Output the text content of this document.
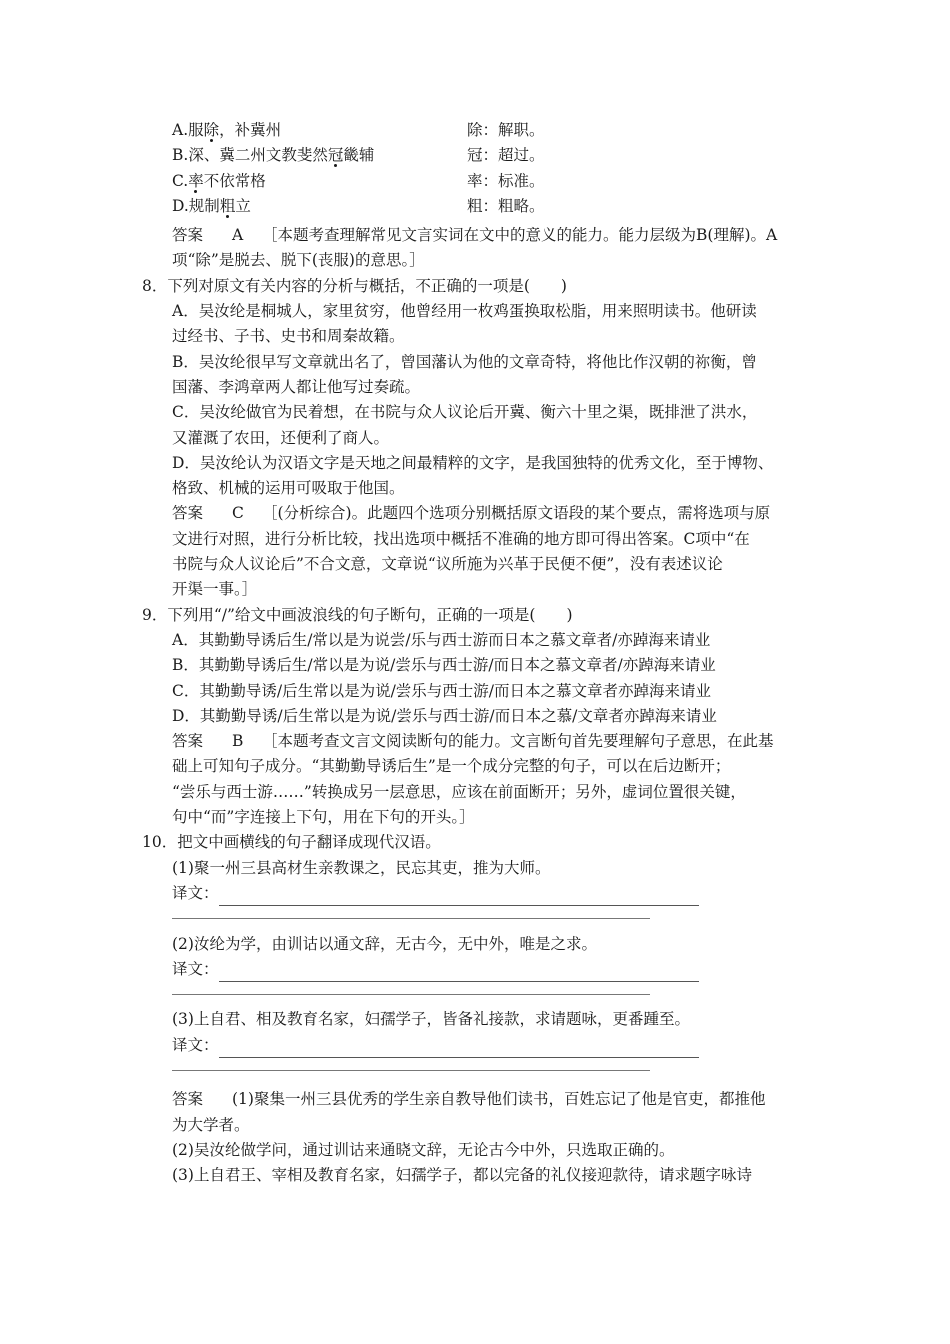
A.服除，补冀州	除：解职。
B.深、冀二州文教斐然冠畿辅	冠：超过。
C.率不依常格	率：标准。
D.规制粗立	粗：粗略。
答案 A ［本题考查理解常见文言实词在文中的意义的能力。能力层级为B(理解)。A
项“除”是脱去、脱下(丧服)的意思。］
8．下列对原文有关内容的分析与概括，不正确的一项是(　　)
A．吴汝纶是桐城人，家里贫穷，他曾经用一枚鸡蛋换取松脂，用来照明读书。他研读
过经书、子书、史书和周秦故籍。
B．吴汝纶很早写文章就出名了，曾国藩认为他的文章奇特，将他比作汉朝的祢衡，曾
国藩、李鸿章两人都让他写过奏疏。
C．吴汝纶做官为民着想，在书院与众人议论后开冀、衡六十里之渠，既排泄了洪水，
又灌溉了农田，还便利了商人。
D．吴汝纶认为汉语文字是天地之间最精粹的文字，是我国独特的优秀文化，至于博物、
格致、机械的运用可吸取于他国。
答案 C ［(分析综合)。此题四个选项分别概括原文语段的某个要点，需将选项与原
文进行对照，进行分析比较，找出选项中概括不准确的地方即可得出答案。C项中“在
书院与众人议论后”不合文意，文章说“议所施为兴革于民便不便”，没有表述议论
开渠一事。］
9．下列用“/”给文中画波浪线的句子断句，正确的一项是(　　)
A．其勤勤导诱后生/常以是为说尝/乐与西士游而日本之慕文章者/亦踔海来请业
B．其勤勤导诱后生/常以是为说/尝乐与西士游/而日本之慕文章者/亦踔海来请业
C．其勤勤导诱/后生常以是为说/尝乐与西士游/而日本之慕文章者亦踔海来请业
D．其勤勤导诱/后生常以是为说/尝乐与西士游/而日本之慕/文章者亦踔海来请业
答案 B ［本题考查文言文阅读断句的能力。文言断句首先要理解句子意思，在此基
础上可知句子成分。“其勤勤导诱后生”是一个成分完整的句子，可以在后边断开；
“尝乐与西士游……”转换成另一层意思，应该在前面断开；另外，虚词位置很关键，
句中“而”字连接上下句，用在下句的开头。］
10．把文中画横线的句子翻译成现代汉语。
(1)聚一州三县高材生亲教课之，民忘其吏，推为大师。
译文：
(2)汝纶为学，由训诂以通文辞，无古今，无中外，唯是之求。
译文：
(3)上自君、相及教育名家，妇孺学子，皆备礼接款，求请题咏，更番踵至。
译文：
答案 (1)聚集一州三县优秀的学生亲自教导他们读书，百姓忘记了他是官吏，都推他
为大学者。
(2)吴汝纶做学问，通过训诂来通晓文辞，无论古今中外，只选取正确的。
(3)上自君王、宰相及教育名家，妇孺学子，都以完备的礼仪接迎款待，请求题字咏诗
